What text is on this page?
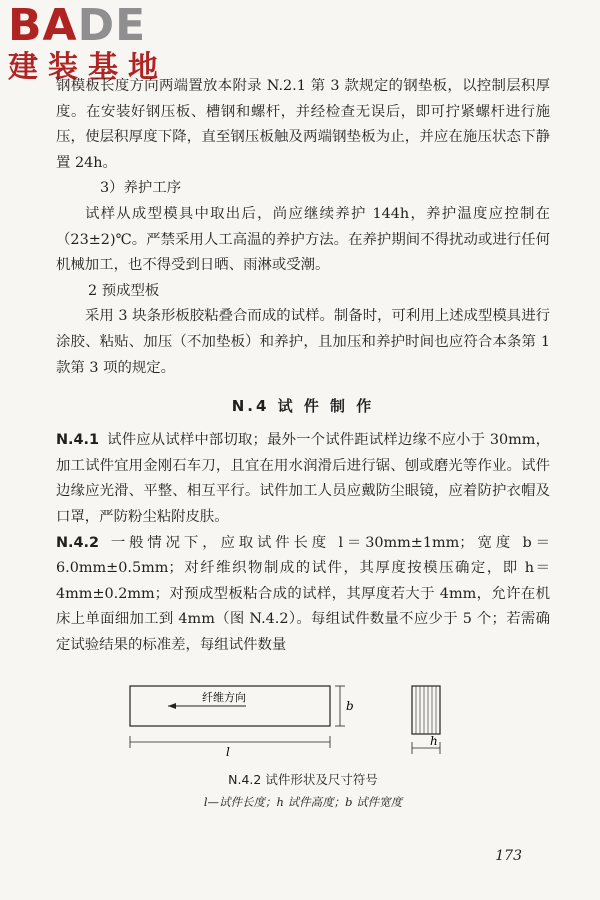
BADE
建装基地

钢模板长度方向两端置放本附录 N.2.1 第 3 款规定的钢垫板，以控制层积厚度。在安装好钢压板、槽钢和螺杆，并经检查无误后，即可拧紧螺杆进行施压，使层积厚度下降，直至钢压板触及两端钢垫板为止，并应在施压状态下静置 24h。

3）养护工序

试样从成型模具中取出后，尚应继续养护 144h，养护温度应控制在（23±2)℃。严禁采用人工高温的养护方法。在养护期间不得扰动或进行任何机械加工，也不得受到日晒、雨淋或受潮。

2 预成型板

采用 3 块条形板胶粘叠合而成的试样。制备时，可利用上述成型模具进行涂胶、粘贴、加压（不加垫板）和养护，且加压和养护时间也应符合本条第 1 款第 3 项的规定。

N.4 试 件 制 作

N.4.1 试件应从试样中部切取；最外一个试件距试样边缘不应小于 30mm，加工试件宜用金刚石车刀，且宜在用水润滑后进行锯、刨或磨光等作业。试件边缘应光滑、平整、相互平行。试件加工人员应戴防尘眼镜，应着防护衣帽及口罩，严防粉尘粘附皮肤。

N.4.2 一般情况下，应取试件长度 l＝30mm±1mm；宽度 b＝6.0mm±0.5mm；对纤维织物制成的试件，其厚度按模压确定，即 h＝4mm±0.2mm；对预成型板粘合成的试样，其厚度若大于 4mm，允许在机床上单面细加工到 4mm（图 N.4.2）。每组试件数量不应少于 5 个；若需确定试验结果的标准差，每组试件数量

纤维方向
b
l
h
N.4.2 试件形状及尺寸符号
l—试件长度；h 试件高度；b 试件宽度
173
